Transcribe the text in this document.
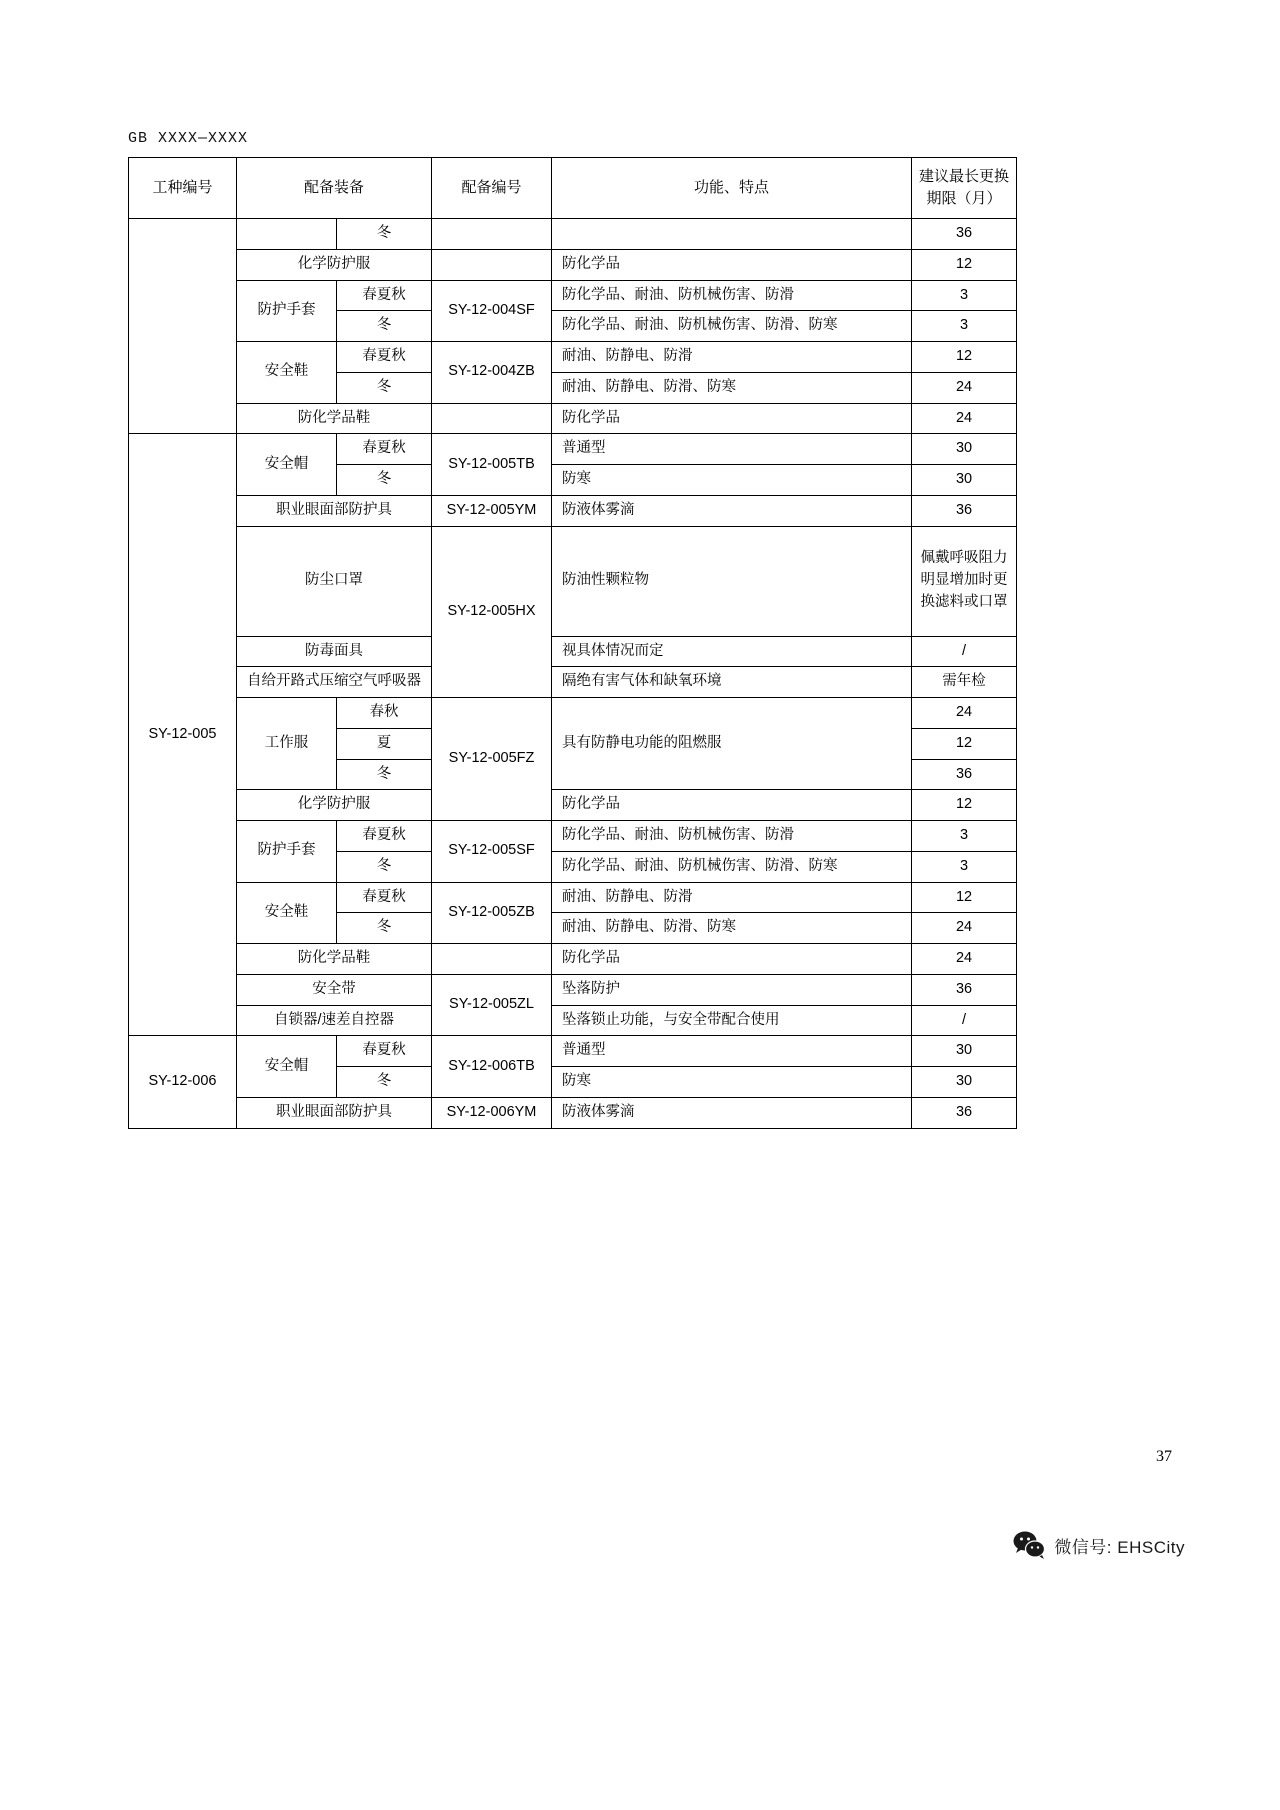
GB XXXX—XXXX
工种编号	配备装备		配备编号	功能、特点	建议最长更换期限（月）
		冬			36
	化学防护服			防化学品	12
	防护手套	春夏秋	SY-12-004SF	防化学品、耐油、防机械伤害、防滑	3
		冬		防化学品、耐油、防机械伤害、防滑、防寒	3
	安全鞋	春夏秋	SY-12-004ZB	耐油、防静电、防滑	12
		冬		耐油、防静电、防滑、防寒	24
	防化学品鞋			防化学品	24
SY-12-005	安全帽	春夏秋	SY-12-005TB	普通型	30
		冬		防寒	30
	职业眼面部防护具		SY-12-005YM	防液体雾滴	36
	防尘口罩		SY-12-005HX	防油性颗粒物	佩戴呼吸阻力明显增加时更换滤料或口罩
	防毒面具			视具体情况而定	/
	自给开路式压缩空气呼吸器			隔绝有害气体和缺氧环境	需年检
	工作服	春秋	SY-12-005FZ	具有防静电功能的阻燃服	24
		夏			12
		冬			36
	化学防护服			防化学品	12
	防护手套	春夏秋	SY-12-005SF	防化学品、耐油、防机械伤害、防滑	3
		冬		防化学品、耐油、防机械伤害、防滑、防寒	3
	安全鞋	春夏秋	SY-12-005ZB	耐油、防静电、防滑	12
		冬		耐油、防静电、防滑、防寒	24
	防化学品鞋			防化学品	24
	安全带		SY-12-005ZL	坠落防护	36
	自锁器/速差自控器			坠落锁止功能，与安全带配合使用	/
SY-12-006	安全帽	春夏秋	SY-12-006TB	普通型	30
		冬		防寒	30
	职业眼面部防护具		SY-12-006YM	防液体雾滴	36
37
微信号: EHSCity
